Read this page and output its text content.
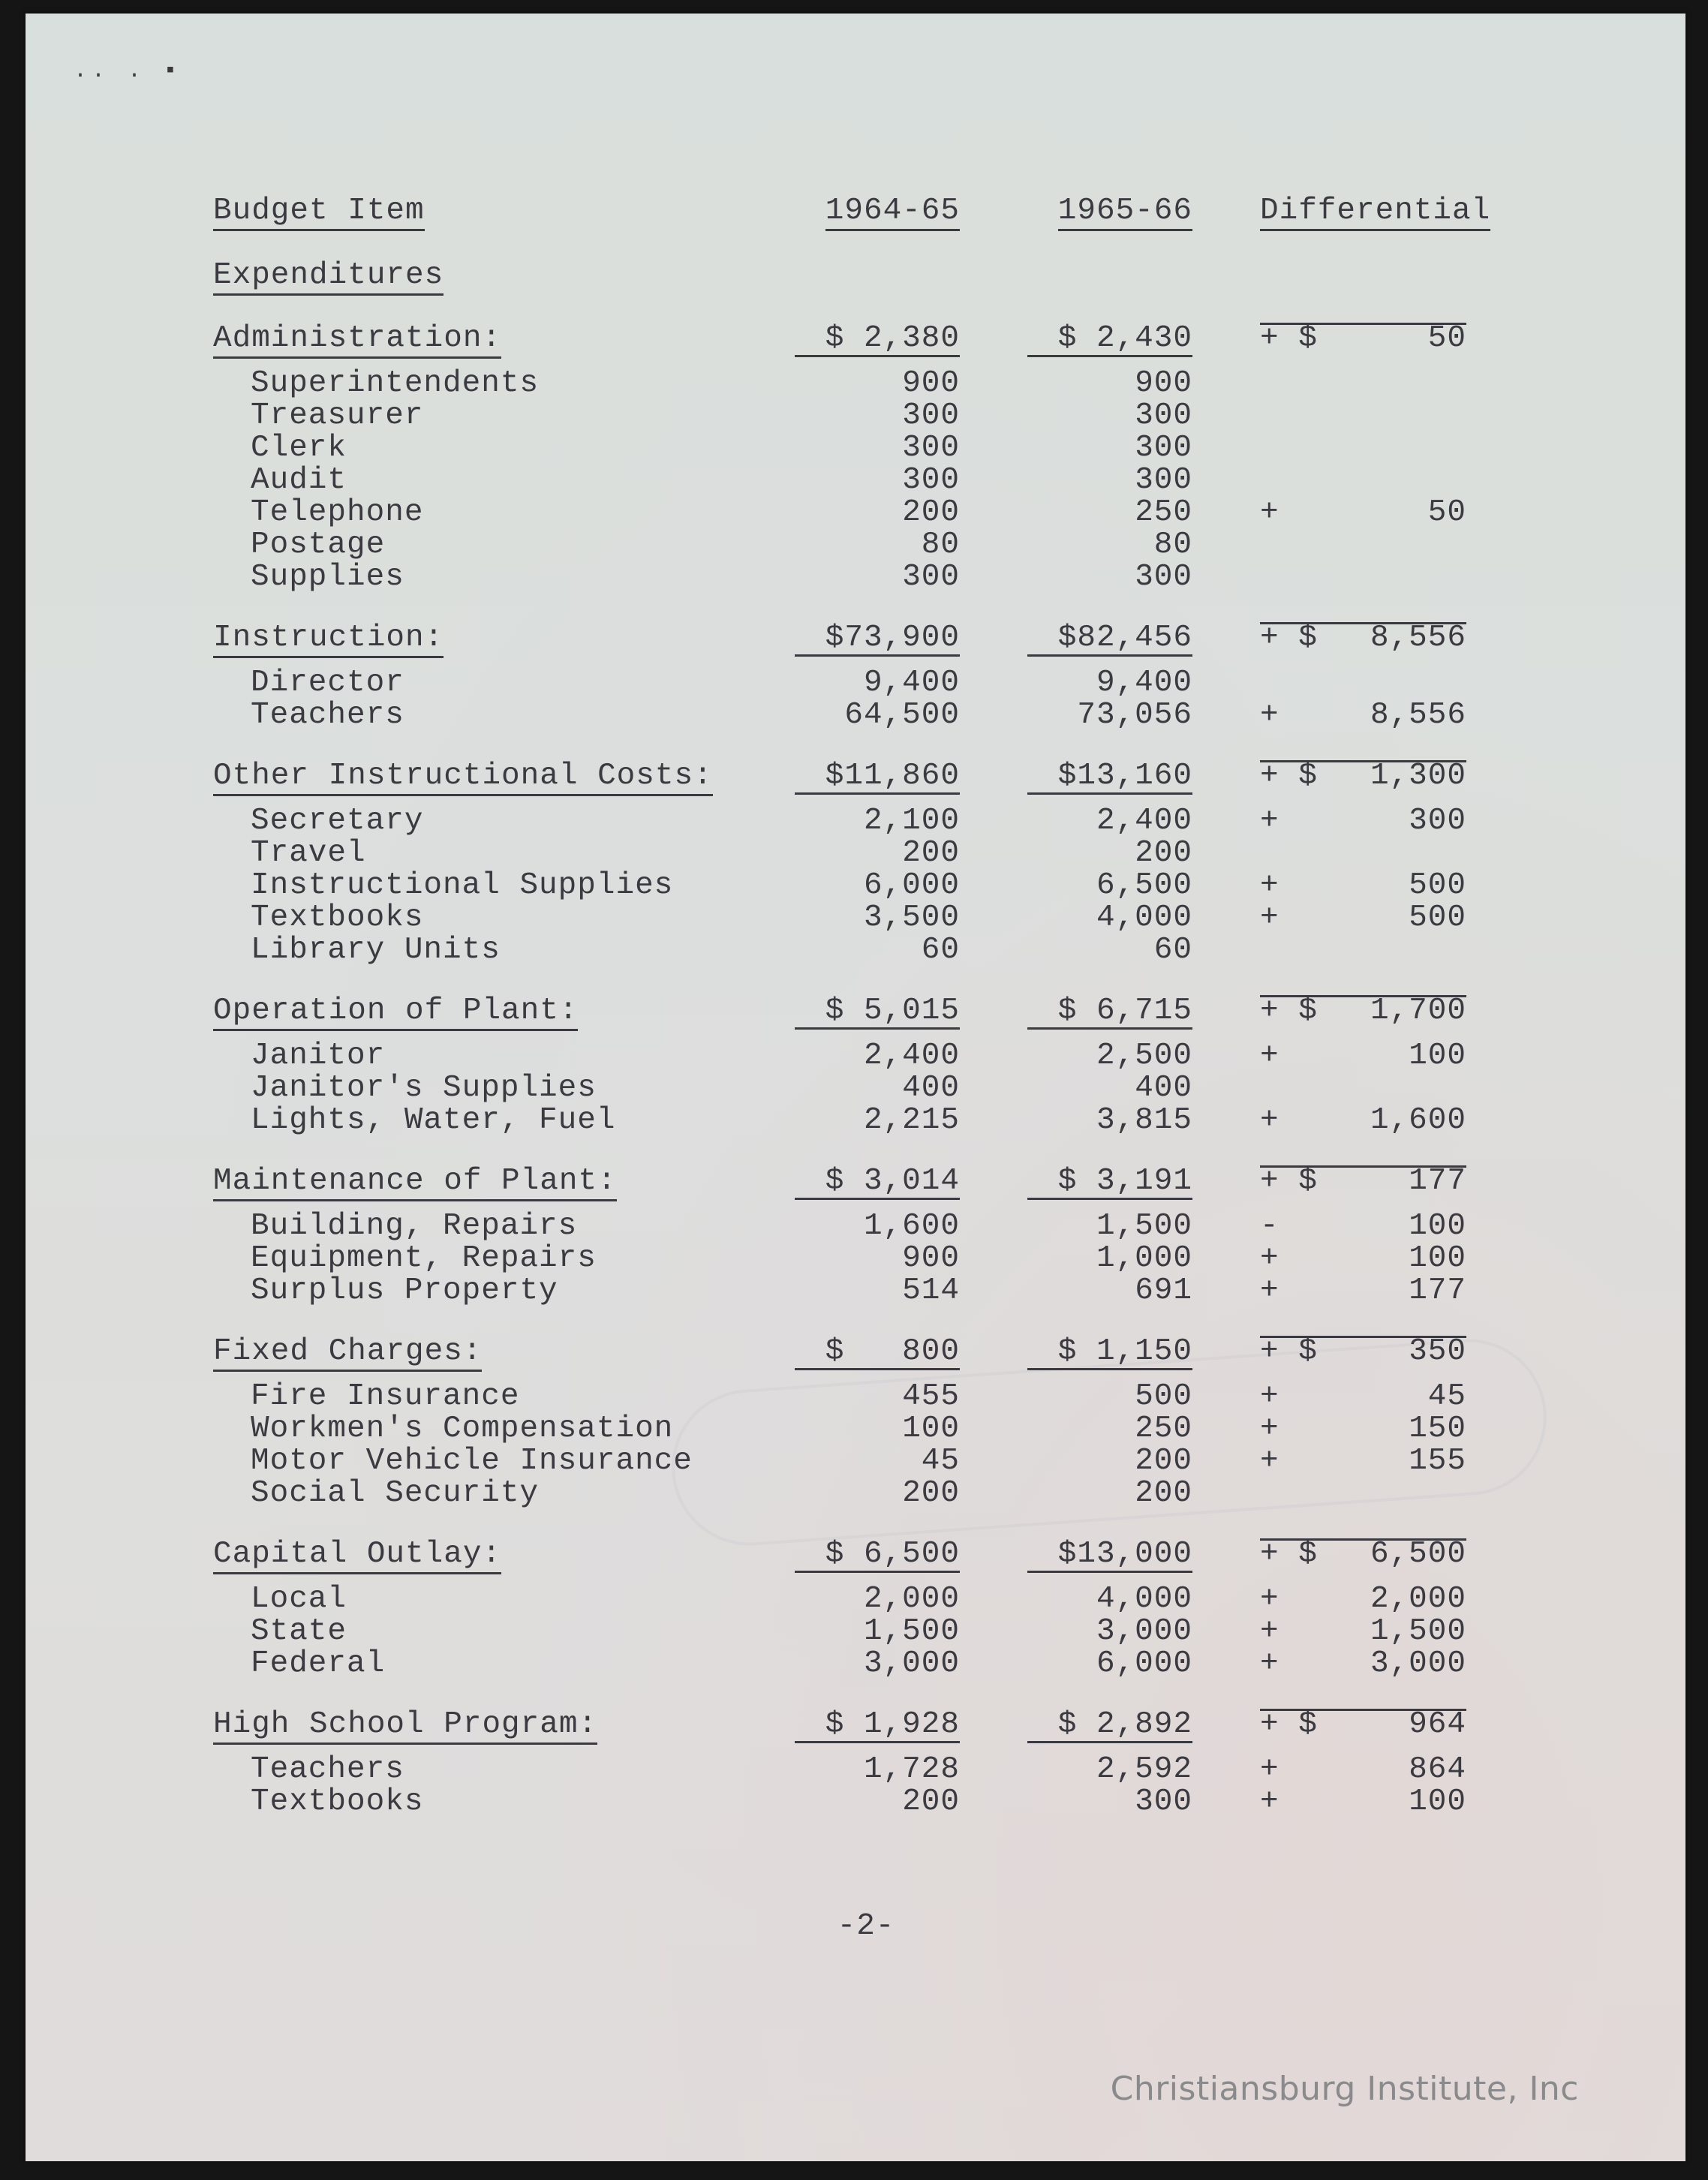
.. . ▪
Budget Item	1964-65	1965-66 Differential
Expenditures
Administration:	$ 2,380	$ 2,430 + $	50
Superintendents	900	900
Treasurer	300	300
Clerk	300	300
Audit	300	300
Telephone	200	250 +	50
Postage	80	80
Supplies	300	300
Instruction:	$73,900	$82,456 + $ 8,556
Director	9,400	9,400
Teachers	64,500	73,056 +	8,556
Other Instructional Costs:	$11,860	$13,160 + $ 1,300
Secretary	2,100	2,400 +	300
Travel	200	200
Instructional Supplies	6,000	6,500 +	500
Textbooks	3,500	4,000 +	500
Library Units	60	60
Operation of Plant:	$ 5,015	$ 6,715 + $ 1,700
Janitor	2,400	2,500 +	100
Janitor's Supplies	400	400
Lights, Water, Fuel	2,215	3,815 +	1,600
Maintenance of Plant:	$ 3,014	$ 3,191 + $	177
Building, Repairs	1,600	1,500 -	100
Equipment, Repairs	900	1,000 +	100
Surplus Property	514	691 +	177
Fixed Charges:	$   800	$ 1,150 + $	350
Fire Insurance	455	500 +	45
Workmen's Compensation	100	250 +	150
Motor Vehicle Insurance	45	200 +	155
Social Security	200	200
Capital Outlay:	$ 6,500	$13,000 + $ 6,500
Local	2,000	4,000 +	2,000
State	1,500	3,000 +	1,500
Federal	3,000	6,000 +	3,000
High School Program:	$ 1,928	$ 2,892 + $	964
Teachers	1,728	2,592 +	864
Textbooks	200	300 +	100
-2-
Christiansburg Institute, Inc
